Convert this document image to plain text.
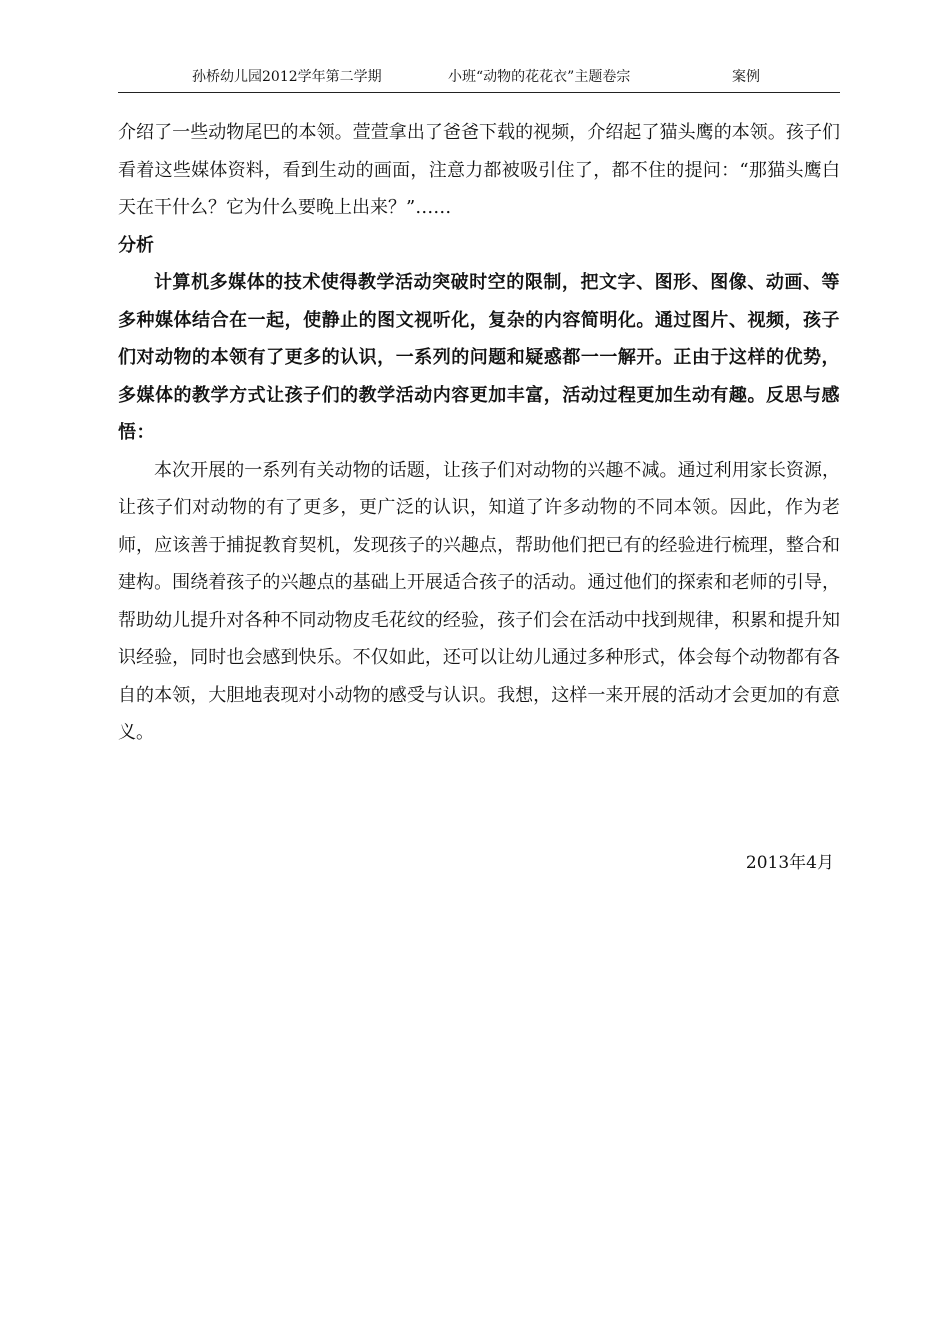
孙桥幼儿园2012学年第二学期	小班“动物的花花衣”主题卷宗	案例

介绍了一些动物尾巴的本领。萱萱拿出了爸爸下载的视频，介绍起了猫头鹰的本领。孩子们看着这些媒体资料，看到生动的画面，注意力都被吸引住了，都不住的提问：“那猫头鹰白天在干什么？它为什么要晚上出来？”……

分析

计算机多媒体的技术使得教学活动突破时空的限制，把文字、图形、图像、动画、等多种媒体结合在一起，使静止的图文视听化，复杂的内容简明化。通过图片、视频，孩子们对动物的本领有了更多的认识，一系列的问题和疑惑都一一解开。正由于这样的优势，多媒体的教学方式让孩子们的教学活动内容更加丰富，活动过程更加生动有趣。反思与感悟：

本次开展的一系列有关动物的话题，让孩子们对动物的兴趣不减。通过利用家长资源，让孩子们对动物的有了更多，更广泛的认识，知道了许多动物的不同本领。因此，作为老师，应该善于捕捉教育契机，发现孩子的兴趣点，帮助他们把已有的经验进行梳理，整合和建构。围绕着孩子的兴趣点的基础上开展适合孩子的活动。通过他们的探索和老师的引导，帮助幼儿提升对各种不同动物皮毛花纹的经验，孩子们会在活动中找到规律，积累和提升知识经验，同时也会感到快乐。不仅如此，还可以让幼儿通过多种形式，体会每个动物都有各自的本领，大胆地表现对小动物的感受与认识。我想，这样一来开展的活动才会更加的有意义。

2013年4月
